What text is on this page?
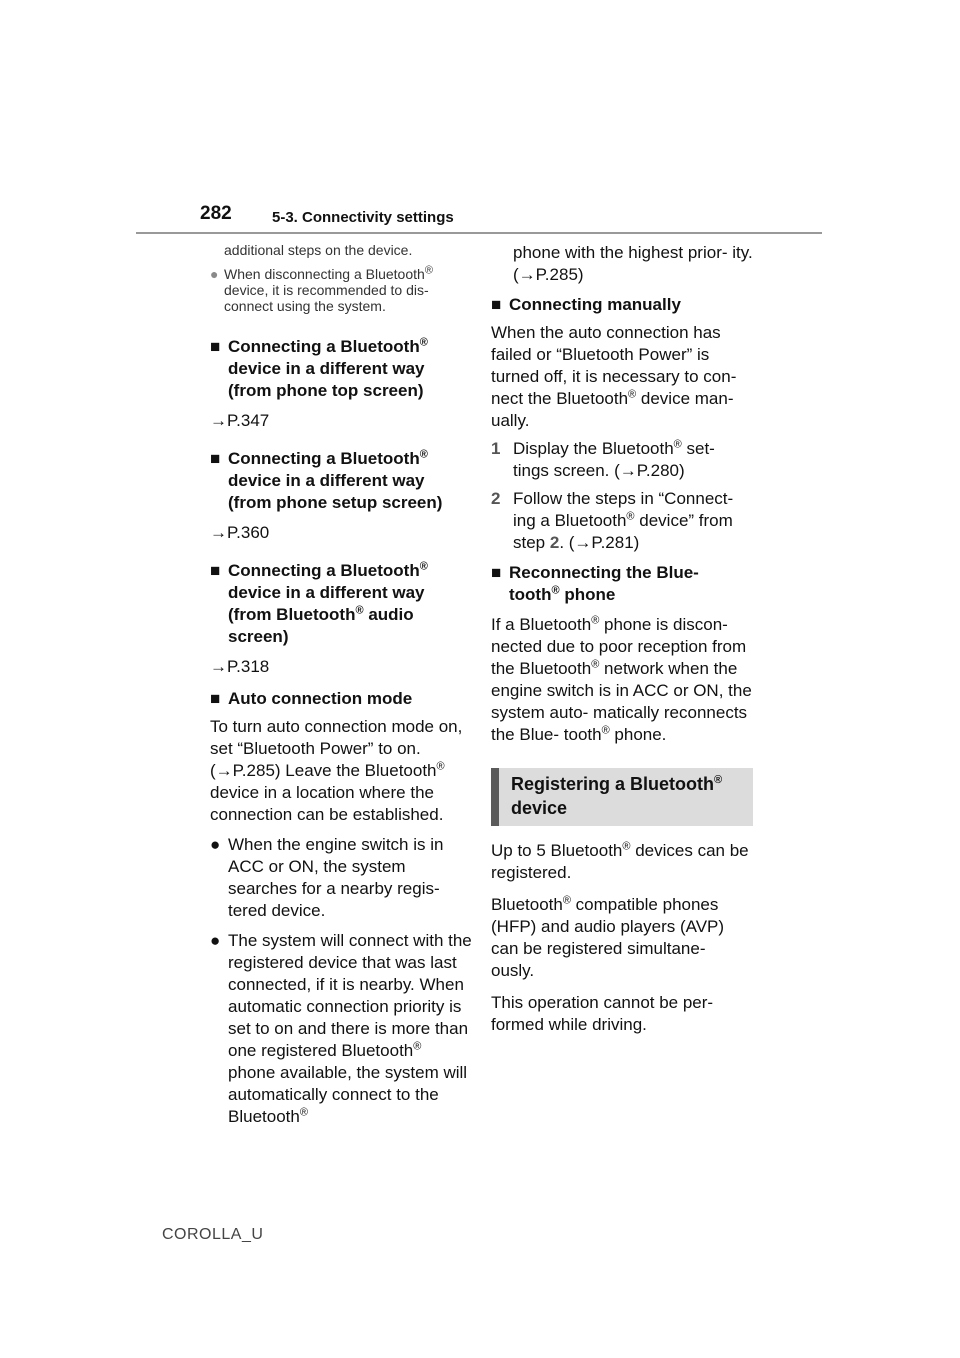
282	5-3. Connectivity settings

additional steps on the device.

● When disconnecting a Bluetooth® device, it is recommended to dis- connect using the system.

■ Connecting a Bluetooth® device in a different way (from phone top screen)

→P.347

■ Connecting a Bluetooth® device in a different way (from phone setup screen)

→P.360

■ Connecting a Bluetooth® device in a different way (from Bluetooth® audio screen)

→P.318

■ Auto connection mode

To turn auto connection mode on, set “Bluetooth Power” to on. (→P.285) Leave the Bluetooth® device in a location where the connection can be established.

● When the engine switch is in ACC or ON, the system searches for a nearby regis- tered device.

● The system will connect with the registered device that was last connected, if it is nearby. When automatic connection priority is set to on and there is more than one registered Bluetooth® phone available, the system will automatically connect to the Bluetooth®

phone with the highest prior- ity. (→P.285)

■ Connecting manually

When the auto connection has failed or “Bluetooth Power” is turned off, it is necessary to con- nect the Bluetooth® device man- ually.

1 Display the Bluetooth® set- tings screen. (→P.280)

2 Follow the steps in “Connect- ing a Bluetooth® device” from step 2. (→P.281)

■ Reconnecting the Blue- tooth® phone

If a Bluetooth® phone is discon- nected due to poor reception from the Bluetooth® network when the engine switch is in ACC or ON, the system auto- matically reconnects the Blue- tooth® phone.

Registering a Bluetooth® device

Up to 5 Bluetooth® devices can be registered.

Bluetooth® compatible phones (HFP) and audio players (AVP) can be registered simultane- ously.

This operation cannot be per- formed while driving.

COROLLA_U
